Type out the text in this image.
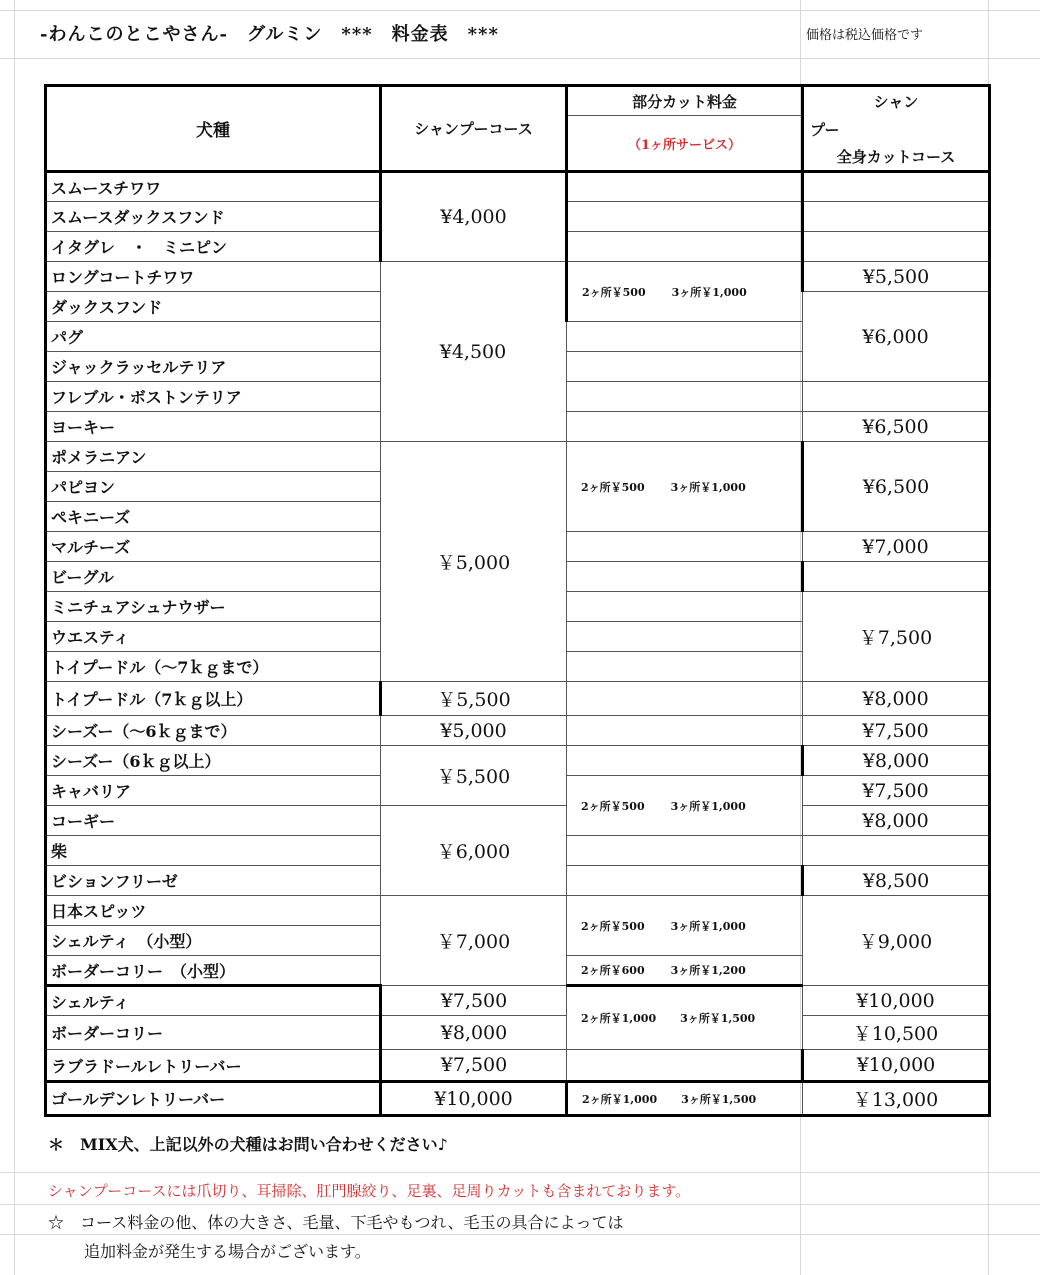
-わんこのとこやさん-　グルミン　***　料金表　***	価格は税込価格です
犬種	シャンプーコース	部分カット料金	シャン
		（1ヶ所サービス）	プー
			全身カットコース
スムースチワワ	¥4,000		
スムースダックスフンド			
イタグレ　・　ミニピン			
ロングコートチワワ	¥4,500	2ヶ所￥500 3ヶ所￥1,000	¥5,500
ダックスフンド			¥6,000
パグ			
ジャックラッセルテリア			
フレブル・ボストンテリア			
ヨーキー			¥6,500
ポメラニアン	￥5,000	2ヶ所￥500 3ヶ所￥1,000	¥6,500
パピヨン			
ペキニーズ			
マルチーズ			¥7,000
ビーグル			
ミニチュアシュナウザー			￥7,500
ウエスティ			
トイプードル（〜7ｋｇまで）			
トイプードル（7ｋｇ以上）	￥5,500		¥8,000
シーズー（〜6ｋｇまで）	¥5,000		¥7,500
シーズー（6ｋｇ以上）	￥5,500		¥8,000
キャバリア		2ヶ所￥500 3ヶ所￥1,000	¥7,500
コーギー	￥6,000		¥8,000
柴			
ビションフリーゼ			¥8,500
日本スピッツ	￥7,000	2ヶ所￥500 3ヶ所￥1,000	￥9,000
シェルティ　（小型）			
ボーダーコリー　（小型）		2ヶ所￥600 3ヶ所￥1,200	
シェルティ	¥7,500	2ヶ所￥1,000 3ヶ所￥1,500	¥10,000
ボーダーコリー	¥8,000		￥10,500
ラブラドールレトリーバー	¥7,500		¥10,000
ゴールデンレトリーバー	¥10,000	2ヶ所￥1,000 3ヶ所￥1,500	￥13,000
＊　MIX犬、上記以外の犬種はお問い合わせください♪
シャンプーコースには爪切り、耳掃除、肛門腺絞り、足裏、足周りカットも含まれております。
☆　コース料金の他、体の大きさ、毛量、下毛やもつれ、毛玉の具合によっては
追加料金が発生する場合がございます。
